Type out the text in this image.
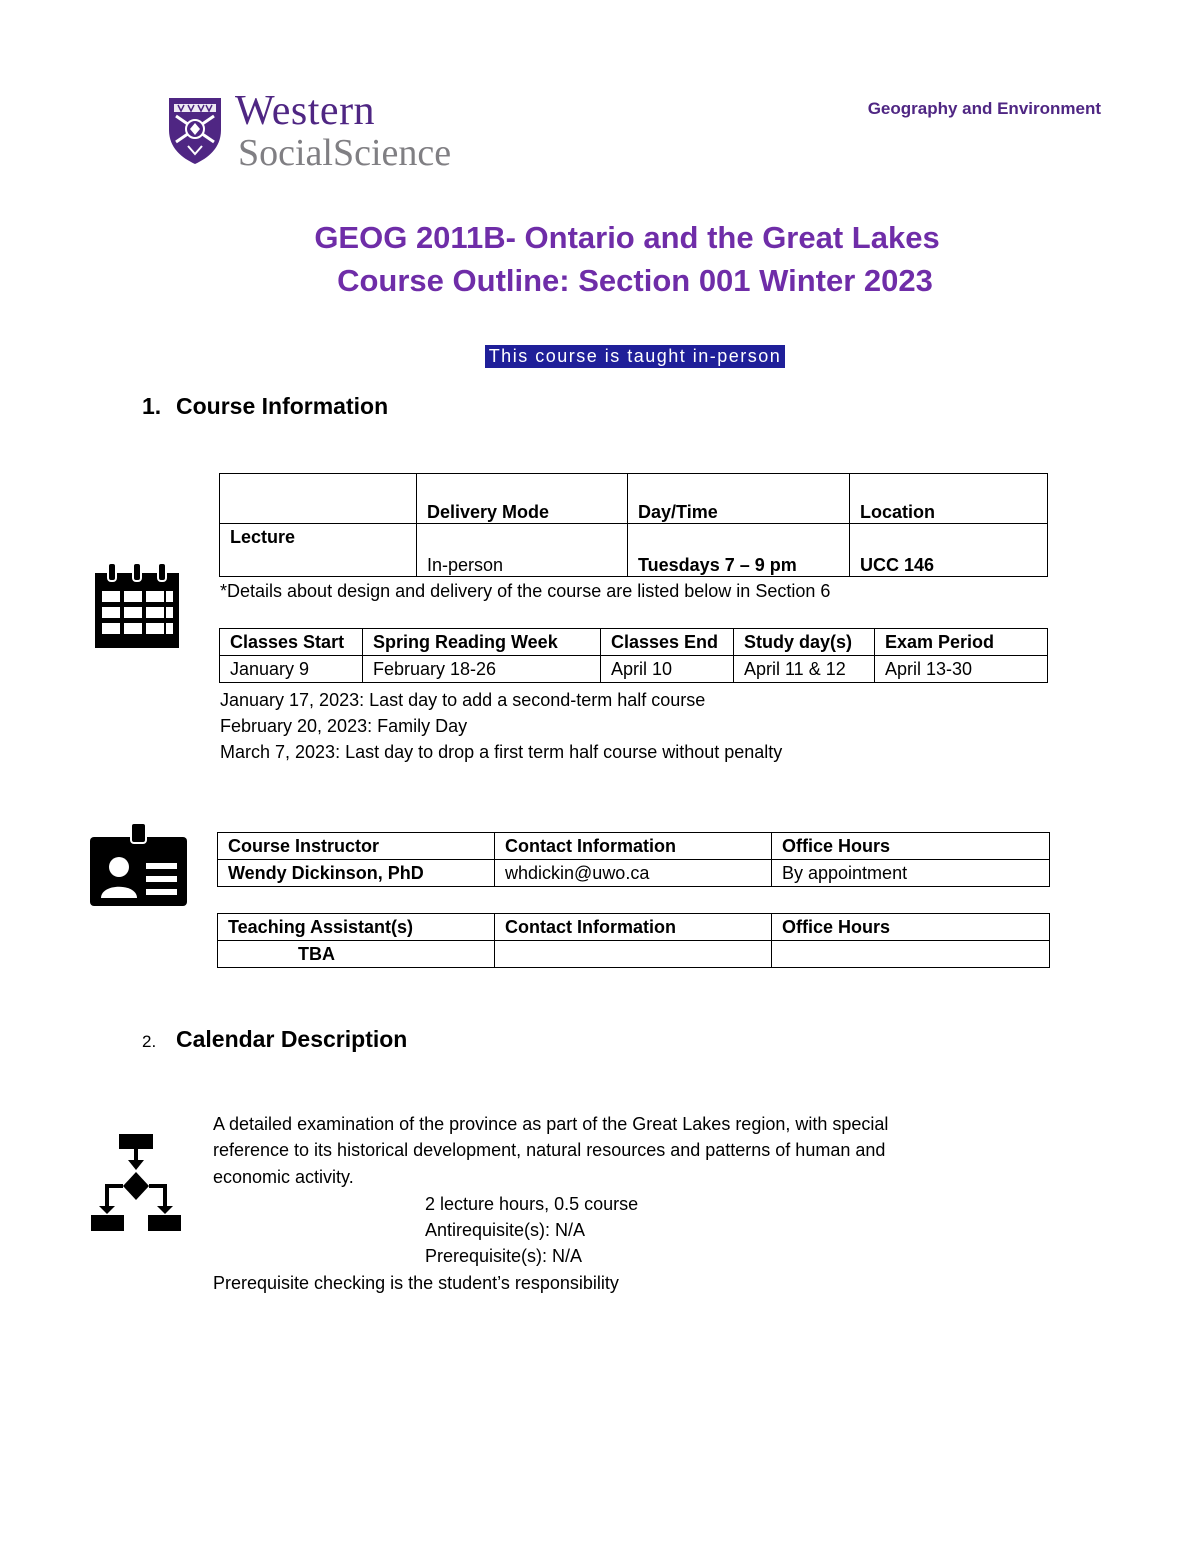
Western
SocialScience
Geography and Environment
GEOG 2011B- Ontario and the Great Lakes
Course Outline: Section 001 Winter 2023
This course is taught in-person
1. Course Information
	Delivery Mode	Day/Time	Location
Lecture	In-person	Tuesdays 7 – 9 pm	UCC 146
*Details about design and delivery of the course are listed below in Section 6
Classes Start	Spring Reading Week	Classes End	Study day(s)	Exam Period
January 9	February 18-26	April 10	April 11 & 12	April 13-30
January 17, 2023: Last day to add a second-term half course
February 20, 2023: Family Day
March 7, 2023: Last day to drop a first term half course without penalty
Course Instructor	Contact Information	Office Hours
Wendy Dickinson, PhD	whdickin@uwo.ca	By appointment
Teaching Assistant(s)	Contact Information	Office Hours
TBA		
2. Calendar Description
A detailed examination of the province as part of the Great Lakes region, with special
reference to its historical development, natural resources and patterns of human and
economic activity.
2 lecture hours, 0.5 course
Antirequisite(s): N/A
Prerequisite(s): N/A
Prerequisite checking is the student’s responsibility
